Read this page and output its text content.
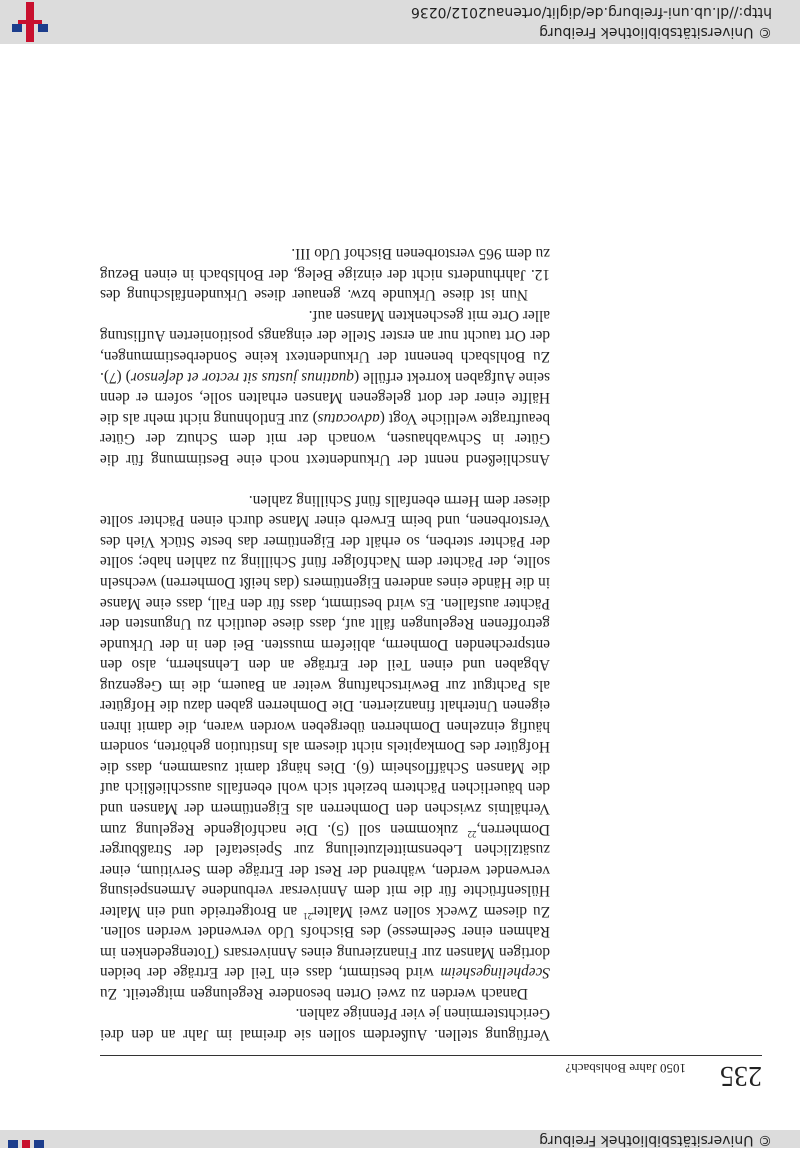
© Universitätsbibliothek Freiburg
235
1050 Jahre Bohlsbach?

Verfügung stellen. Außerdem sollen sie dreimal im Jahr an den drei Gerichtsterminen je vier Pfennige zahlen.

Danach werden zu zwei Orten besondere Regelungen mitgeteilt. Zu Scephelingesheim wird bestimmt, dass ein Teil der Erträge der beiden dortigen Mansen zur Finanzierung eines Anniversars (Totengedenken im Rahmen einer Seelmesse) des Bischofs Udo verwendet werden sollen. Zu diesem Zweck sollen zwei Malter$^{21}$ an Brotgetreide und ein Malter Hülsenfrüchte für die mit dem Anniversar verbundene Armenspeisung verwendet werden, während der Rest der Erträge dem Servitium, einer zusätzlichen Lebensmittelzuteilung zur Speisetafel der Straßburger Domherren,$^{22}$ zukommen soll (5). Die nachfolgende Regelung zum Verhältnis zwischen den Domherren als Eigentümern der Mansen und den bäuerlichen Pächtern bezieht sich wohl ebenfalls ausschließlich auf die Mansen Schäfflosheim (6). Dies hängt damit zusammen, dass die Hofgüter des Domkapitels nicht diesem als Institution gehörten, sondern häufig einzelnen Domherren übergeben worden waren, die damit ihren eigenen Unterhalt finanzierten. Die Domherren gaben dazu die Hofgüter als Pachtgut zur Bewirtschaftung weiter an Bauern, die im Gegenzug Abgaben und einen Teil der Erträge an den Lehnsherrn, also den entsprechenden Domherrn, abliefern mussten. Bei den in der Urkunde getroffenen Regelungen fällt auf, dass diese deutlich zu Ungunsten der Pächter ausfallen. Es wird bestimmt, dass für den Fall, dass eine Manse in die Hände eines anderen Eigentümers (das heißt Domherren) wechseln sollte, der Pächter dem Nachfolger fünf Schilling zu zahlen habe; sollte der Pächter sterben, so erhält der Eigentümer das beste Stück Vieh des Verstorbenen, und beim Erwerb einer Manse durch einen Pächter sollte dieser dem Herrn ebenfalls fünf Schilling zahlen.

Anschließend nennt der Urkundentext noch eine Bestimmung für die Güter in Schwabhausen, wonach der mit dem Schutz der Güter beauftragte weltliche Vogt (advocatus) zur Entlohnung nicht mehr als die Hälfte einer der dort gelegenen Mansen erhalten solle, sofern er denn seine Aufgaben korrekt erfülle (quatinus justus sit rector et defensor) (7). Zu Bohlsbach benennt der Urkundentext keine Sonderbestimmungen, der Ort taucht nur an erster Stelle der eingangs positionierten Auflistung aller Orte mit geschenkten Mansen auf.

Nun ist diese Urkunde bzw. genauer diese Urkundenfälschung des 12. Jahrhunderts nicht der einzige Beleg, der Bohlsbach in einen Bezug zu dem 965 verstorbenen Bischof Udo III.

© Universitätsbibliothek Freiburg
http://dl.ub.uni-freiburg.de/diglit/ortenau2012/0236
